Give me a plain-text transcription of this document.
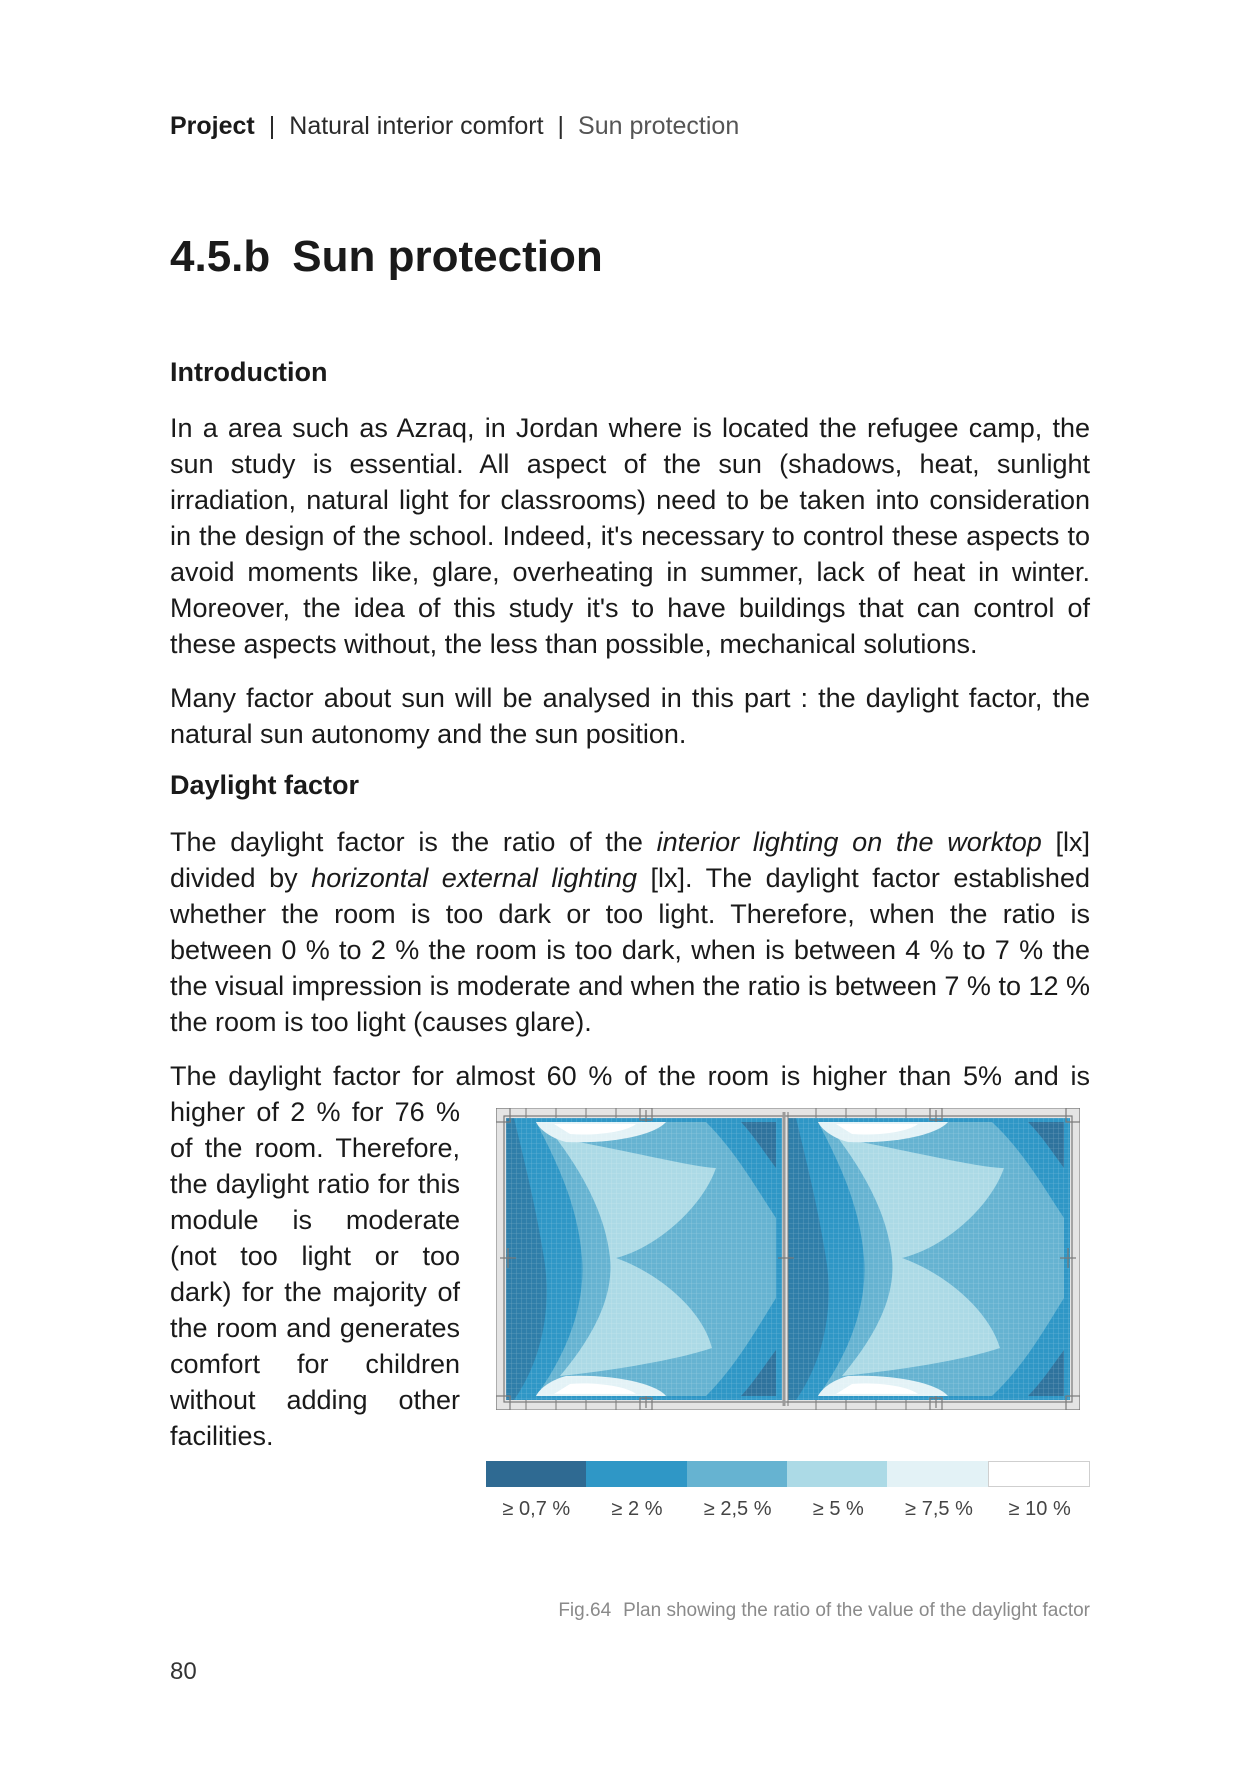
Project | Natural interior comfort | Sun protection
4.5.b Sun protection
Introduction

In a area such as Azraq, in Jordan where is located the refugee camp, the sun study is essential. All aspect of the sun (shadows, heat, sunlight irradiation, natural light for classrooms) need to be taken into consideration in the design of the school. Indeed, it's necessary to control these aspects to avoid moments like, glare, overheating in summer, lack of heat in winter. Moreover, the idea of this study it's to have buildings that can control of these aspects without, the less than possible, mechanical solutions.

Many factor about sun will be analysed in this part : the daylight factor, the natural sun autonomy and the sun position.

Daylight factor

The daylight factor is the ratio of the interior lighting on the worktop [lx] divided by horizontal external lighting [lx]. The daylight factor established whether the room is too dark or too light. Therefore, when the ratio is between 0 % to 2 % the room is too dark, when is between 4 % to 7 % the the visual impression is moderate and when the ratio is between 7 % to 12 % the room is too light (causes glare).

The daylight factor for almost 60 % of the room is higher than 5% and is

higher of 2 % for 76 % of the room. Therefore, the daylight ratio for this module is moderate (not too light or too dark) for the majority of the room and generates comfort for children without adding other facilities.

≥ 0,7 %	≥ 2 %	≥ 2,5 %	≥ 5 %	≥ 7,5 %	≥ 10 %
Fig.64 Plan showing the ratio of the value of the daylight factor
80
